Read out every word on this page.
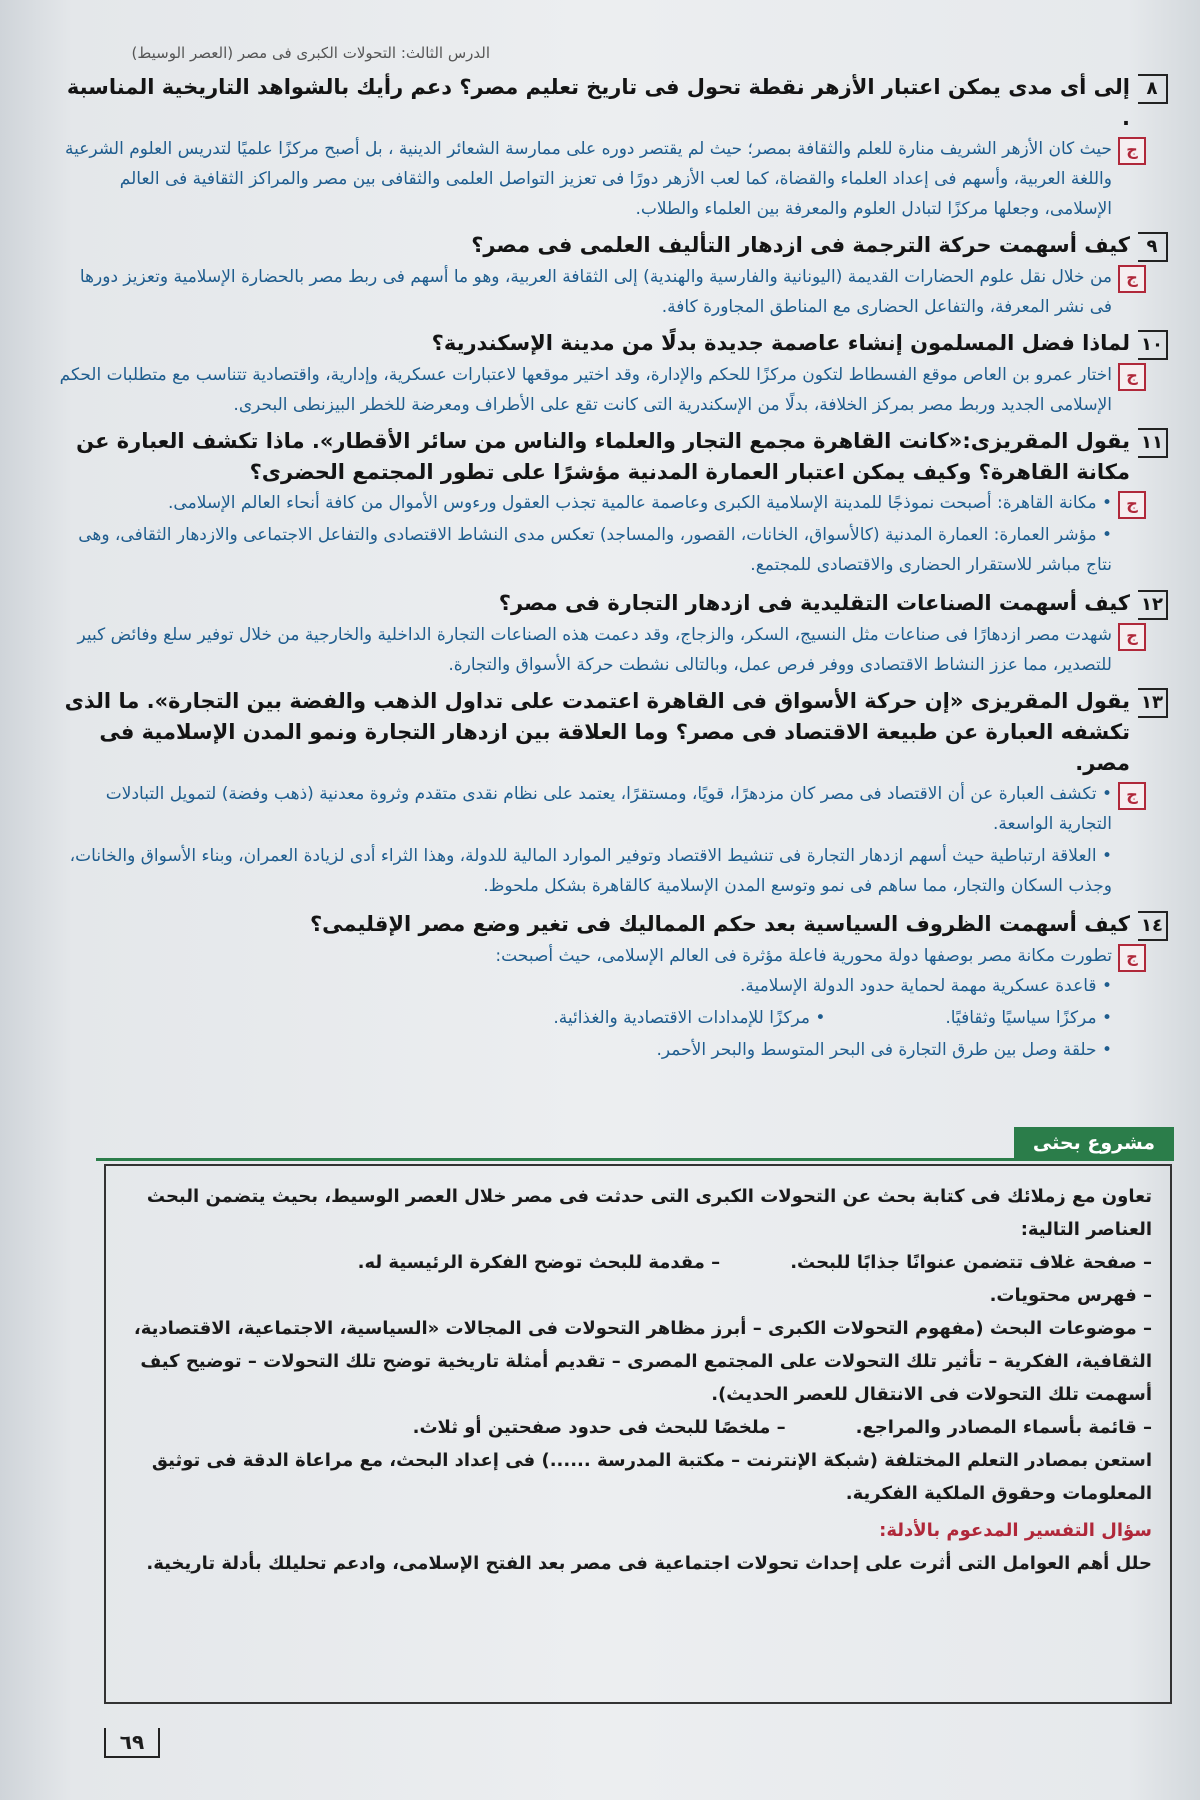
الدرس الثالث: التحولات الكبرى فى مصر (العصر الوسيط)
٨
إلى أى مدى يمكن اعتبار الأزهر نقطة تحول فى تاريخ تعليم مصر؟ دعم رأيك بالشواهد التاريخية المناسبة .
ج
حيث كان الأزهر الشريف منارة للعلم والثقافة بمصر؛ حيث لم يقتصر دوره على ممارسة الشعائر الدينية ، بل أصبح مركزًا علميًا لتدريس العلوم الشرعية واللغة العربية، وأسهم فى إعداد العلماء والقضاة، كما لعب الأزهر دورًا فى تعزيز التواصل العلمى والثقافى بين مصر والمراكز الثقافية فى العالم الإسلامى، وجعلها مركزًا لتبادل العلوم والمعرفة بين العلماء والطلاب.
٩
كيف أسهمت حركة الترجمة فى ازدهار التأليف العلمى فى مصر؟
ج
من خلال نقل علوم الحضارات القديمة (اليونانية والفارسية والهندية) إلى الثقافة العربية، وهو ما أسهم فى ربط مصر بالحضارة الإسلامية وتعزيز دورها فى نشر المعرفة، والتفاعل الحضارى مع المناطق المجاورة كافة.
١٠
لماذا فضل المسلمون إنشاء عاصمة جديدة بدلًا من مدينة الإسكندرية؟
ج
اختار عمرو بن العاص موقع الفسطاط لتكون مركزًا للحكم والإدارة، وقد اختير موقعها لاعتبارات عسكرية، وإدارية، واقتصادية تتناسب مع متطلبات الحكم الإسلامى الجديد وربط مصر بمركز الخلافة، بدلًا من الإسكندرية التى كانت تقع على الأطراف ومعرضة للخطر البيزنطى البحرى.
١١
يقول المقريزى:«كانت القاهرة مجمع التجار والعلماء والناس من سائر الأقطار». ماذا تكشف العبارة عن مكانة القاهرة؟ وكيف يمكن اعتبار العمارة المدنية مؤشرًا على تطور المجتمع الحضرى؟
ج
• مكانة القاهرة: أصبحت نموذجًا للمدينة الإسلامية الكبرى وعاصمة عالمية تجذب العقول ورءوس الأموال من كافة أنحاء العالم الإسلامى.
• مؤشر العمارة: العمارة المدنية (كالأسواق، الخانات، القصور، والمساجد) تعكس مدى النشاط الاقتصادى والتفاعل الاجتماعى والازدهار الثقافى، وهى نتاج مباشر للاستقرار الحضارى والاقتصادى للمجتمع.
١٢
كيف أسهمت الصناعات التقليدية فى ازدهار التجارة فى مصر؟
ج
شهدت مصر ازدهارًا فى صناعات مثل النسيج، السكر، والزجاج، وقد دعمت هذه الصناعات التجارة الداخلية والخارجية من خلال توفير سلع وفائض كبير للتصدير، مما عزز النشاط الاقتصادى ووفر فرص عمل، وبالتالى نشطت حركة الأسواق والتجارة.
١٣
يقول المقريزى «إن حركة الأسواق فى القاهرة اعتمدت على تداول الذهب والفضة بين التجارة». ما الذى تكشفه العبارة عن طبيعة الاقتصاد فى مصر؟ وما العلاقة بين ازدهار التجارة ونمو المدن الإسلامية فى مصر.
ج
• تكشف العبارة عن أن الاقتصاد فى مصر كان مزدهرًا، قويًا، ومستقرًا، يعتمد على نظام نقدى متقدم وثروة معدنية (ذهب وفضة) لتمويل التبادلات التجارية الواسعة.
• العلاقة ارتباطية حيث أسهم ازدهار التجارة فى تنشيط الاقتصاد وتوفير الموارد المالية للدولة، وهذا الثراء أدى لزيادة العمران، وبناء الأسواق والخانات، وجذب السكان والتجار، مما ساهم فى نمو وتوسع المدن الإسلامية كالقاهرة بشكل ملحوظ.
١٤
كيف أسهمت الظروف السياسية بعد حكم المماليك فى تغير وضع مصر الإقليمى؟
ج
تطورت مكانة مصر بوصفها دولة محورية فاعلة مؤثرة فى العالم الإسلامى، حيث أصبحت:
• قاعدة عسكرية مهمة لحماية حدود الدولة الإسلامية.
• مركزًا سياسيًا وثقافيًا.
• مركزًا للإمدادات الاقتصادية والغذائية.
• حلقة وصل بين طرق التجارة فى البحر المتوسط والبحر الأحمر.
مشروع بحثى
تعاون مع زملائك فى كتابة بحث عن التحولات الكبرى التى حدثت فى مصر خلال العصر الوسيط، بحيث يتضمن البحث العناصر التالية:
– صفحة غلاف تتضمن عنوانًا جذابًا للبحث.
– مقدمة للبحث توضح الفكرة الرئيسية له.
– فهرس محتويات.
– موضوعات البحث (مفهوم التحولات الكبرى – أبرز مظاهر التحولات فى المجالات «السياسية، الاجتماعية، الاقتصادية، الثقافية، الفكرية – تأثير تلك التحولات على المجتمع المصرى – تقديم أمثلة تاريخية توضح تلك التحولات – توضيح كيف أسهمت تلك التحولات فى الانتقال للعصر الحديث).
– قائمة بأسماء المصادر والمراجع.
– ملخصًا للبحث فى حدود صفحتين أو ثلاث.
استعن بمصادر التعلم المختلفة (شبكة الإنترنت – مكتبة المدرسة ......) فى إعداد البحث، مع مراعاة الدقة فى توثيق المعلومات وحقوق الملكية الفكرية.
سؤال التفسير المدعوم بالأدلة:
حلل أهم العوامل التى أثرت على إحداث تحولات اجتماعية فى مصر بعد الفتح الإسلامى، وادعم تحليلك بأدلة تاريخية.
٦٩
